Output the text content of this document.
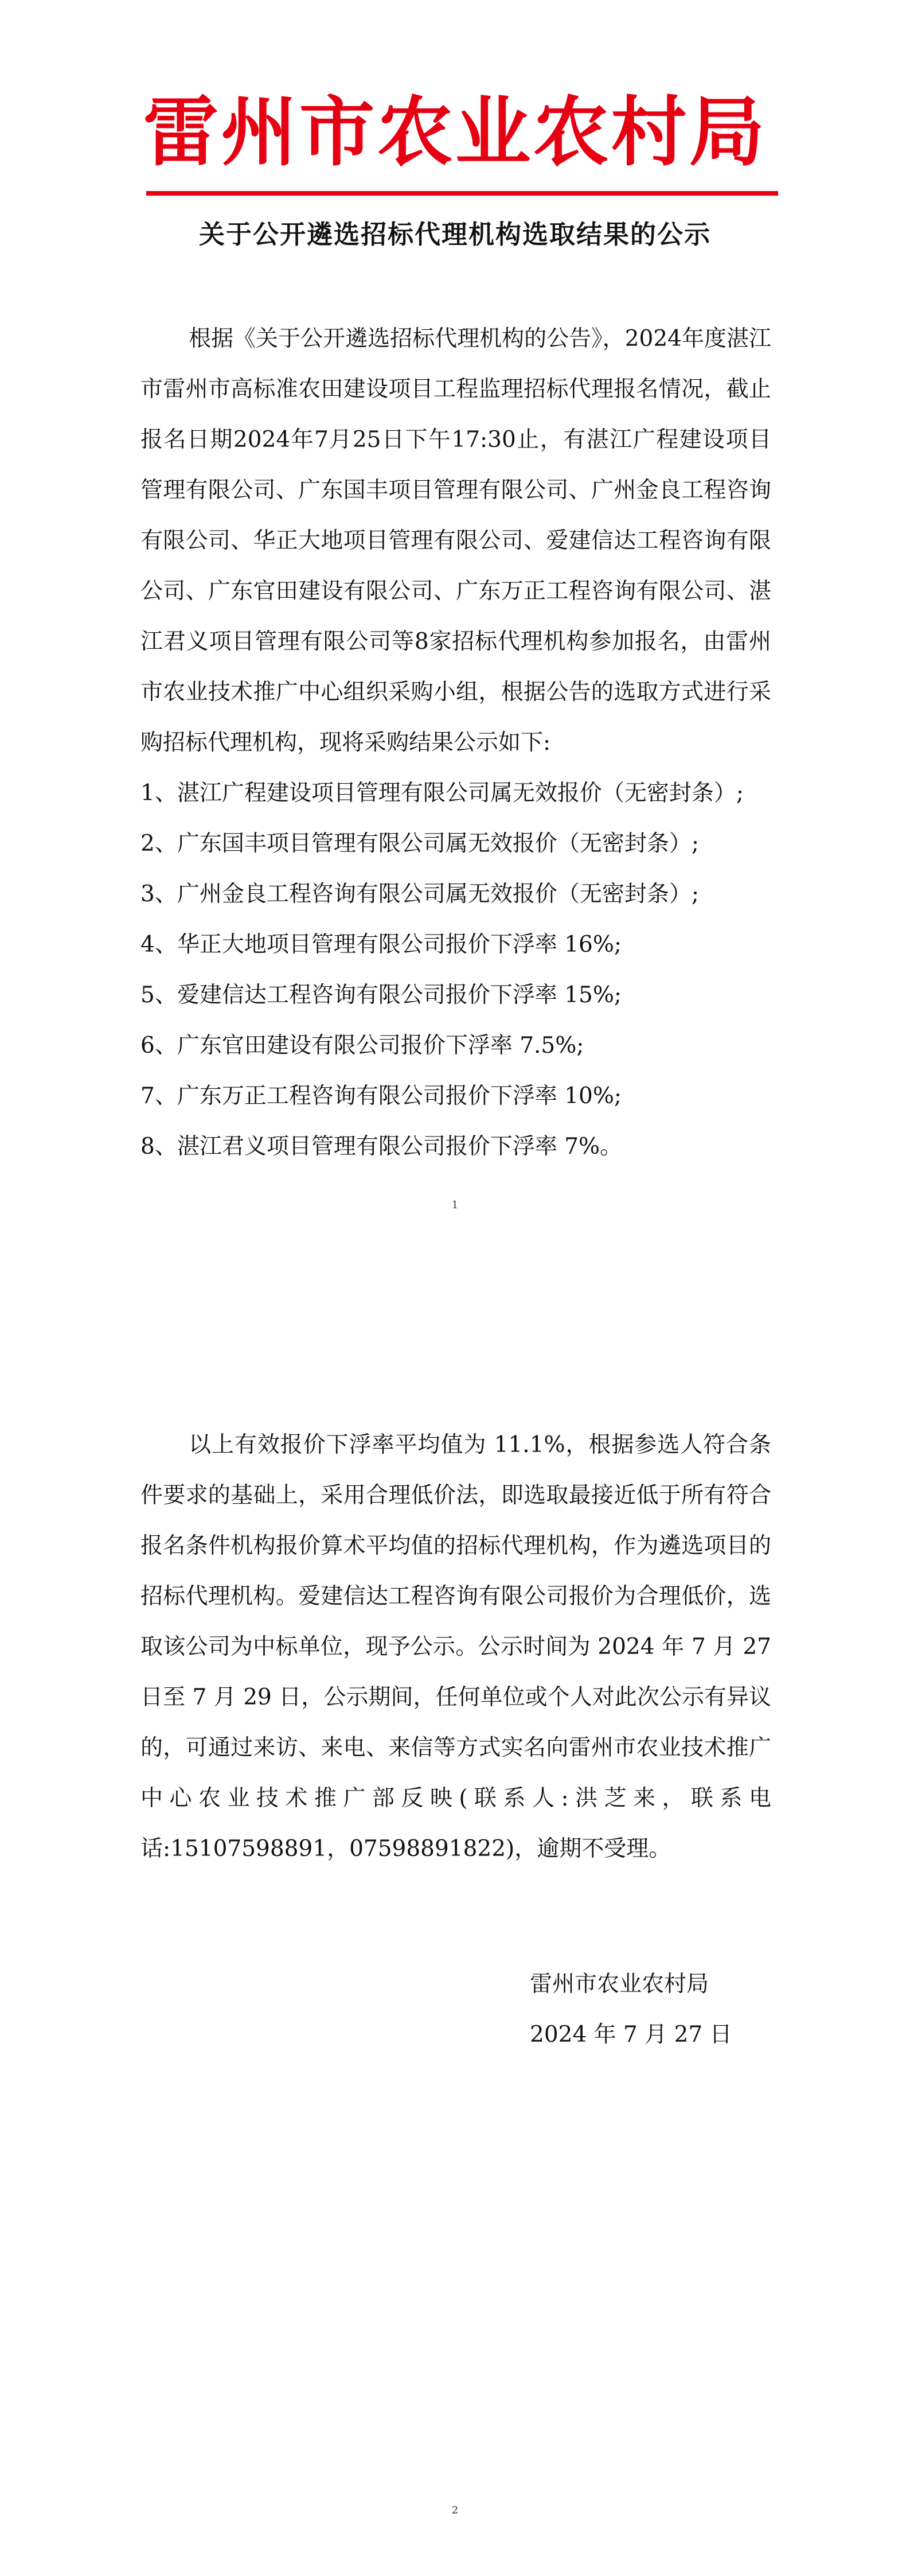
雷州市农业农村局
关于公开遴选招标代理机构选取结果的公示

根据《关于公开遴选招标代理机构的公告》，2024年度湛江市雷州市高标准农田建设项目工程监理招标代理报名情况，截止报名日期2024年7月25日下午17:30止，有湛江广程建设项目管理有限公司、广东国丰项目管理有限公司、广州金良工程咨询有限公司、华正大地项目管理有限公司、爱建信达工程咨询有限公司、广东官田建设有限公司、广东万正工程咨询有限公司、湛江君义项目管理有限公司等8家招标代理机构参加报名，由雷州市农业技术推广中心组织采购小组，根据公告的选取方式进行采购招标代理机构，现将采购结果公示如下:

1、湛江广程建设项目管理有限公司属无效报价（无密封条）;

2、广东国丰项目管理有限公司属无效报价（无密封条）;

3、广州金良工程咨询有限公司属无效报价（无密封条）;

4、华正大地项目管理有限公司报价下浮率 16%;

5、爱建信达工程咨询有限公司报价下浮率 15%;

6、广东官田建设有限公司报价下浮率 7.5%;

7、广东万正工程咨询有限公司报价下浮率 10%;

8、湛江君义项目管理有限公司报价下浮率 7%。

1

以上有效报价下浮率平均值为 11.1%，根据参选人符合条件要求的基础上，采用合理低价法，即选取最接近低于所有符合报名条件机构报价算术平均值的招标代理机构，作为遴选项目的招标代理机构。爱建信达工程咨询有限公司报价为合理低价，选取该公司为中标单位，现予公示。公示时间为 2024 年 7 月 27 日至 7 月 29 日，公示期间，任何单位或个人对此次公示有异议的，可通过来访、来电、来信等方式实名向雷州市农业技术推广中心农业技术推广部反映(联系人:洪芝来，联系电话:15107598891，07598891822)，逾期不受理。

雷州市农业农村局
2024 年 7 月 27 日
2
